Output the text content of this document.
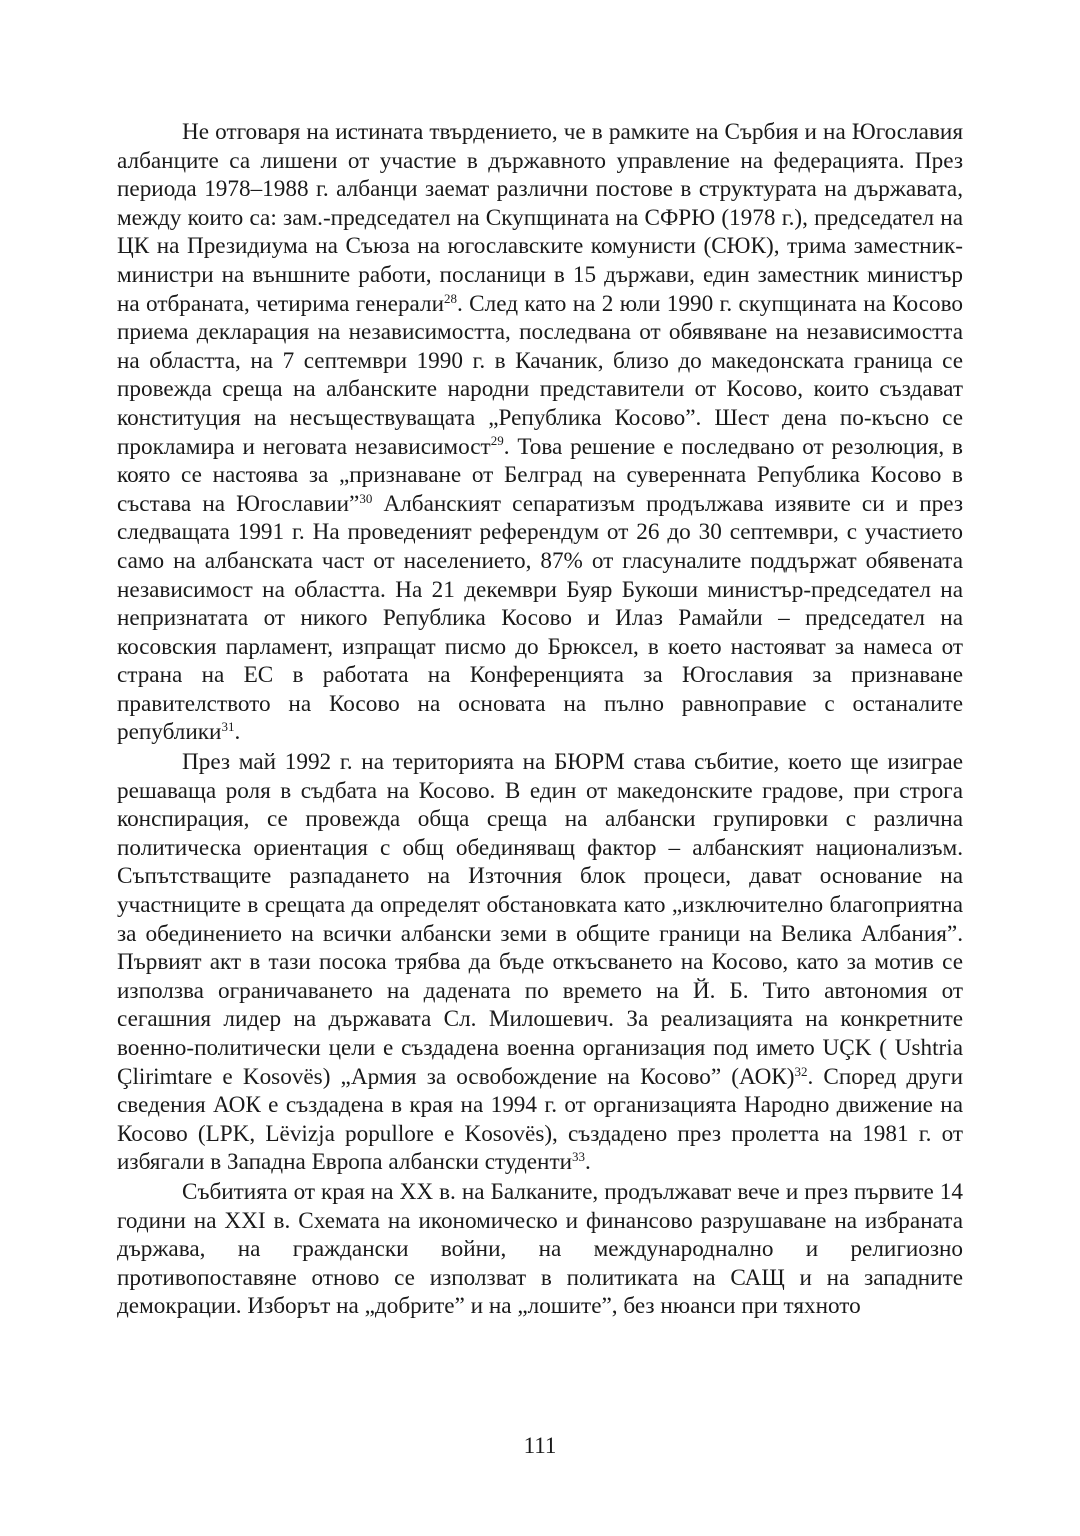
Не отговаря на истината твърдението, че в рамките на Сърбия и на Югославия албанците са лишени от участие в държавното управление на федерацията. През периода 1978–1988 г. албанци заемат различни постове в структурата на държавата, между които са: зам.-председател на Скупщината на СФРЮ (1978 г.), председател на ЦК на Президиума на Съюза на югославските комунисти (СЮК), трима заместник-министри на външните работи, посланици в 15 държави, един заместник министър на отбраната, четирима генерали$^{28}$. След като на 2 юли 1990 г. скупщината на Косово приема декларация на независимостта, последвана от обявяване на независимостта на областта, на 7 септември 1990 г. в Качаник, близо до македонската граница се провежда среща на албанските народни представители от Косово, които създават конституция на несъществуващата „Република Косово”. Шест дена по-късно се прокламира и неговата независимост$^{29}$. Това решение е последвано от резолюция, в която се настоява за „признаване от Белград на суверенната Република Косово в състава на Югославии”$^{30}$ Албанският сепаратизъм продължава изявите си и през следващата 1991 г. На проведеният референдум от 26 до 30 септември, с участието само на албанската част от населението, 87% от гласуналите поддържат обявената независимост на областта. На 21 декември Буяр Букоши министър-председател на непризнатата от никого Република Косово и Илаз Рамайли – председател на косовския парламент, изпращат писмо до Брюксел, в което настояват за намеса от страна на ЕС в работата на Конференцията за Югославия за признаване правителството на Косово на основата на пълно равноправие с останалите републики$^{31}$.

През май 1992 г. на територията на БЮРМ става събитие, което ще изиграе решаваща роля в съдбата на Косово. В един от македонските градове, при строга конспирация, се провежда обща среща на албански групировки с различна политическа ориентация с общ обединяващ фактор – албанският национализъм. Съпътстващите разпадането на Източния блок процеси, дават основание на участниците в срещата да определят обстановката като „изключително благоприятна за обединението на всички албански земи в общите граници на Велика Албания”. Първият акт в тази посока трябва да бъде откъсването на Косово, като за мотив се използва ограничаването на дадената по времето на Й. Б. Тито автономия от сегашния лидер на държавата Сл. Милошевич. За реализацията на конкретните военно-политически цели е създадена военна организация под името UÇK ( Ushtria Çlirimtare e Kosovës) „Армия за освобождение на Косово” (АОК)$^{32}$. Според други сведения АОК е създадена в края на 1994 г. от организацията Народно движение на Косово (LPK, Lëvizja popullore e Kosovës), създадено през пролетта на 1981 г. от избягали в Западна Европа албански студенти$^{33}$.

Събитията от края на ХХ в. на Балканите, продължават вече и през първите 14 години на ХХІ в. Схемата на икономическо и финансово разрушаване на избраната държава, на граждански войни, на международнално и религиозно противопоставяне отново се използват в политиката на САЩ и на западните демокрации. Изборът на „добрите” и на „лошите”, без нюанси при тяхното

111
